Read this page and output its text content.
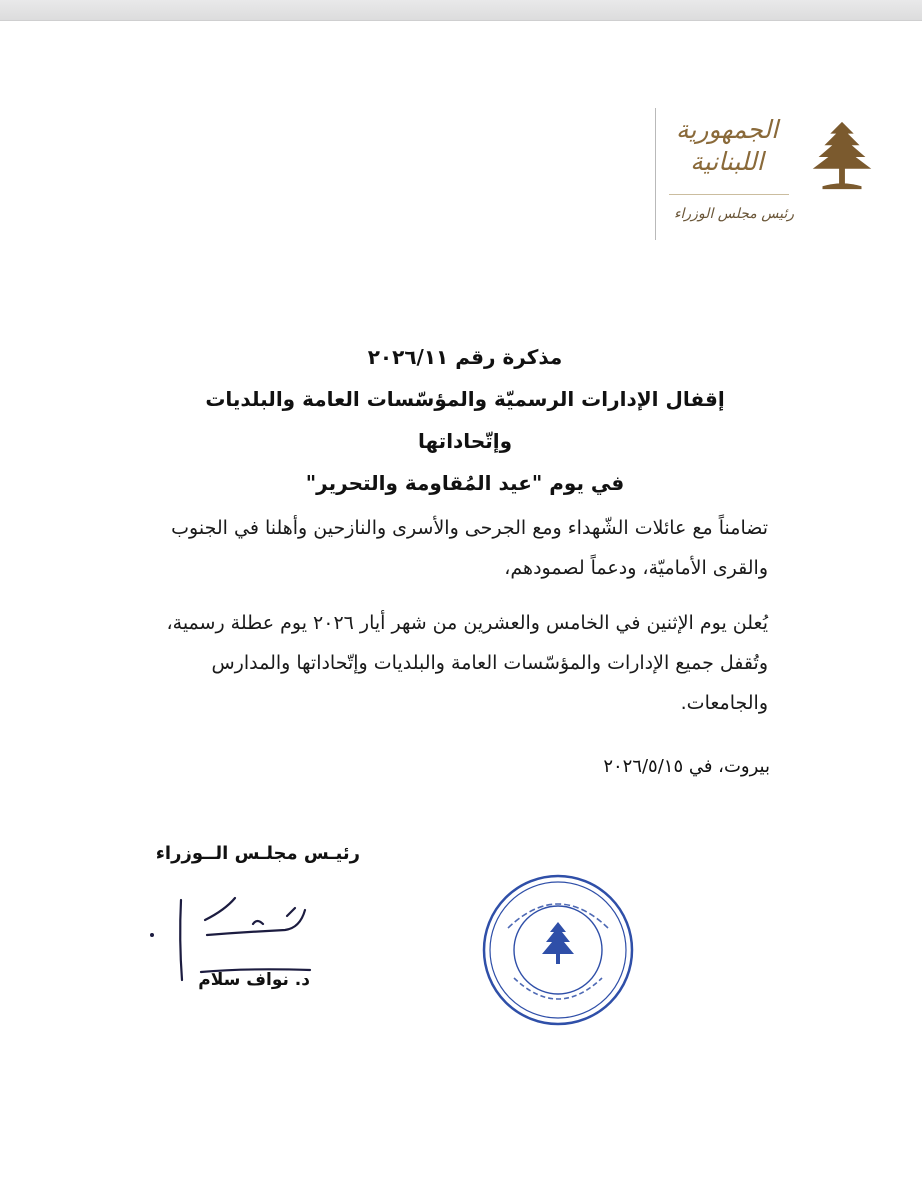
الجمهورية
اللبنانية
رئيس مجلس الوزراء
مذكرة رقم ٢٠٢٦/١١
إقفال الإدارات الرسميّة والمؤسّسات العامة والبلديات وإتّحاداتها
في يوم "عيد المُقاومة والتحرير"

تضامناً مع عائلات الشّهداء ومع الجرحى والأسرى والنازحين وأهلنا في الجنوب والقرى الأماميّة، ودعماً لصمودهم،

يُعلن يوم الإثنين في الخامس والعشرين من شهر أيار ٢٠٢٦ يوم عطلة رسمية، وتُقفل جميع الإدارات والمؤسّسات العامة والبلديات وإتّحاداتها والمدارس والجامعات.

بيروت، في ٢٠٢٦/٥/١٥
رئيـس مجلـس الــوزراء
د. نواف سلام
